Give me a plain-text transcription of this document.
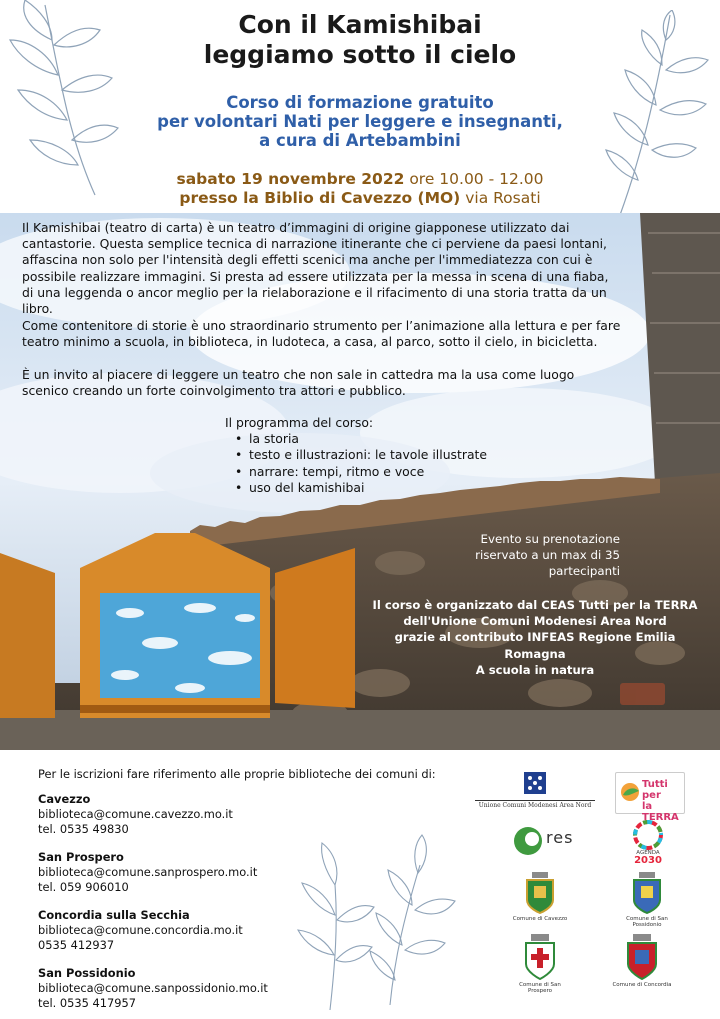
Con il Kamishibai
leggiamo sotto il cielo
Corso di formazione gratuito
per volontari Nati per leggere e insegnanti,
a cura di Artebambini
sabato 19 novembre 2022 ore 10.00 - 12.00
presso la Biblio di Cavezzo (MO) via Rosati
Il Kamishibai (teatro di carta) è un teatro d’immagini di origine giapponese utilizzato dai cantastorie. Questa semplice tecnica di narrazione itinerante che ci perviene da paesi lontani, affascina non solo per l'intensità degli effetti scenici ma anche per l'immediatezza con cui è possibile realizzare immagini. Si presta ad essere utilizzata per la messa in scena di una fiaba, di una leggenda o ancor meglio per la rielaborazione e il rifacimento di una storia tratta da un libro.
Come contenitore di storie è uno straordinario strumento per l’animazione alla lettura e per fare teatro minimo a scuola, in biblioteca, in ludoteca, a casa, al parco, sotto il cielo, in bicicletta.
È un invito al piacere di leggere un teatro che non sale in cattedra ma la usa come luogo scenico creando un forte coinvolgimento tra attori e pubblico.
Il programma del corso:
• la storia
• testo e illustrazioni: le tavole illustrate
• narrare: tempi, ritmo e voce
• uso del kamishibai
Evento su prenotazione
riservato a un max di 35 partecipanti
Il corso è organizzato dal CEAS Tutti per la TERRA
dell'Unione Comuni Modenesi Area Nord
grazie al contributo INFEAS Regione Emilia Romagna
A scuola in natura
Per le iscrizioni fare riferimento alle proprie biblioteche dei comuni di:
Cavezzo
biblioteca@comune.cavezzo.mo.it
tel. 0535 49830
San Prospero
biblioteca@comune.sanprospero.mo.it
tel. 059 906010
Concordia sulla Secchia
biblioteca@comune.concordia.mo.it
0535 412937
San Possidonio
biblioteca@comune.sanpossidonio.mo.it
tel. 0535 417957
Unione Comuni Modenesi Area Nord
Tutti per
la TERRA
res
AGENDA
2030
Comune di Cavezzo	Comune di San Possidonio
Comune di San Prospero
Comune di Concordia
